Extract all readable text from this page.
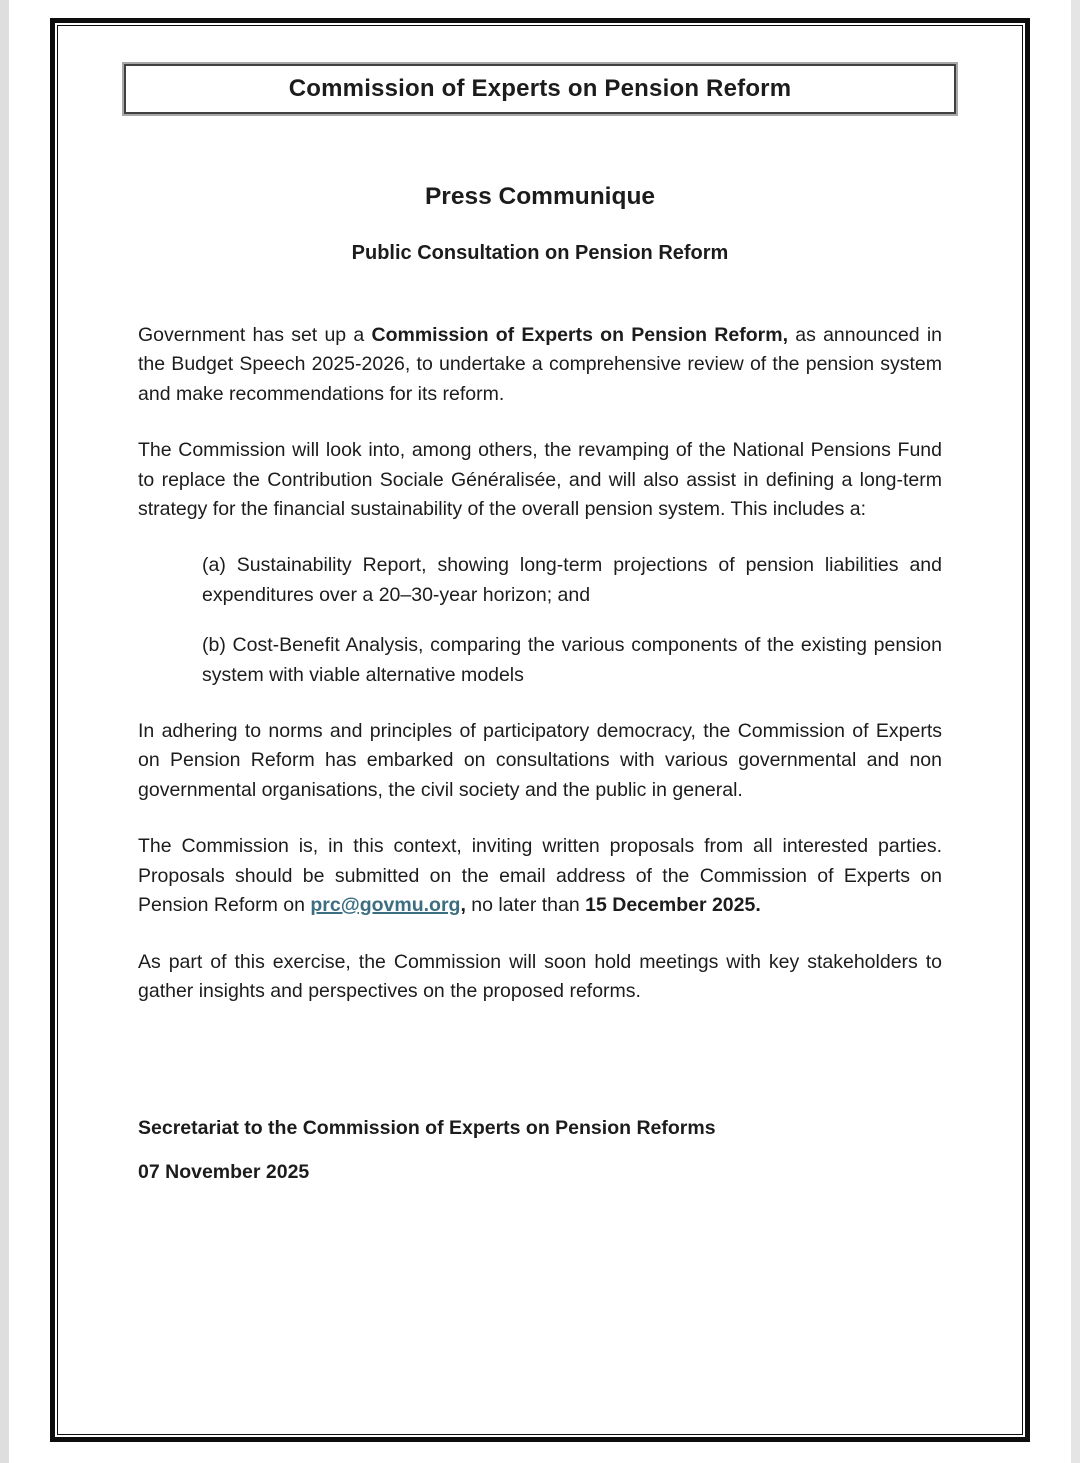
Commission of Experts on Pension Reform
Press Communique
Public Consultation on Pension Reform

Government has set up a Commission of Experts on Pension Reform, as announced in the Budget Speech 2025-2026, to undertake a comprehensive review of the pension system and make recommendations for its reform.

The Commission will look into, among others, the revamping of the National Pensions Fund to replace the Contribution Sociale Généralisée, and will also assist in defining a long-term strategy for the financial sustainability of the overall pension system. This includes a:

(a) Sustainability Report, showing long-term projections of pension liabilities and expenditures over a 20–30-year horizon; and

(b) Cost-Benefit Analysis, comparing the various components of the existing pension system with viable alternative models

In adhering to norms and principles of participatory democracy, the Commission of Experts on Pension Reform has embarked on consultations with various governmental and non governmental organisations, the civil society and the public in general.

The Commission is, in this context, inviting written proposals from all interested parties. Proposals should be submitted on the email address of the Commission of Experts on Pension Reform on prc@govmu.org, no later than 15 December 2025.

As part of this exercise, the Commission will soon hold meetings with key stakeholders to gather insights and perspectives on the proposed reforms.

Secretariat to the Commission of Experts on Pension Reforms

07 November 2025
